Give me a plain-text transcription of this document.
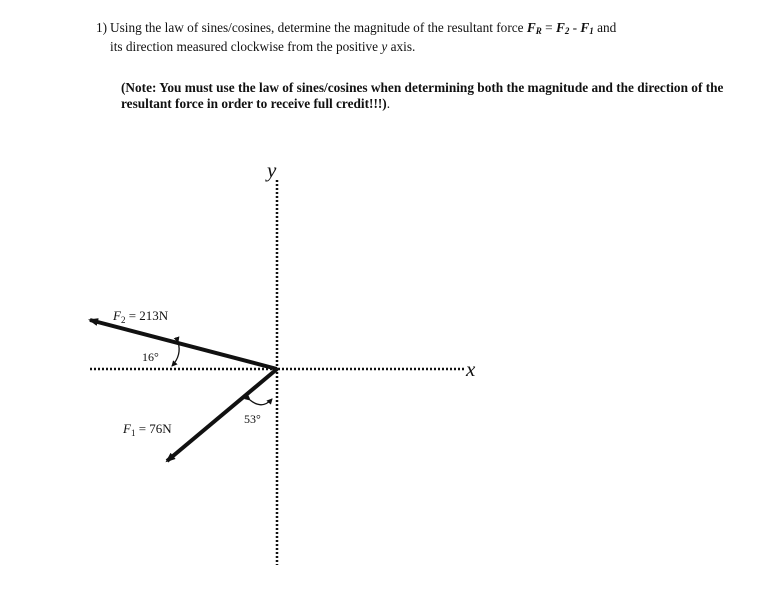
1) Using the law of sines/cosines, determine the magnitude of the resultant force $F_R = F_2 - F_1$ and
its direction measured clockwise from the positive y axis.
(Note: You must use the law of sines/cosines when determining both the magnitude and the direction of the resultant force in order to receive full credit!!!).
y
x
$F_2 = 213N$
$F_1 = 76N$
16°
53°
